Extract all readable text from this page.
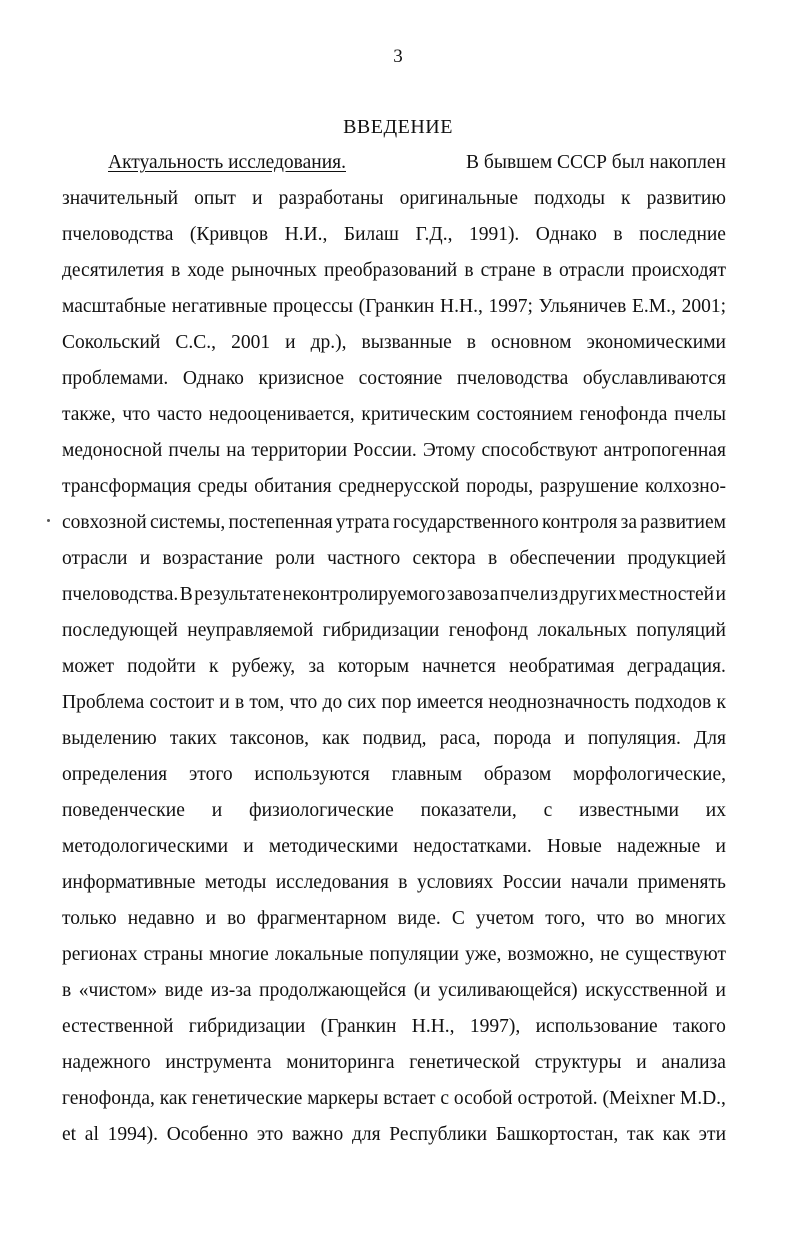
3
ВВЕДЕНИЕ
Актуальность исследования.	В бывшем СССР был накоплен
значительный опыт и разработаны оригинальные подходы к развитию
пчеловодства (Кривцов Н.И., Билаш Г.Д., 1991). Однако в последние
десятилетия в ходе рыночных преобразований в стране в отрасли происходят
масштабные негативные процессы (Гранкин Н.Н., 1997; Ульяничев Е.М., 2001;
Сокольский С.С., 2001 и др.), вызванные в основном экономическими
проблемами. Однако кризисное состояние пчеловодства обуславливаются
также, что часто недооценивается, критическим состоянием генофонда пчелы
медоносной пчелы на территории России. Этому способствуют антропогенная
трансформация среды обитания среднерусской породы, разрушение колхозно-
совхозной системы, постепенная утрата государственного контроля за развитием
отрасли и возрастание роли частного сектора в обеспечении продукцией
пчеловодства. В результате неконтролируемого завоза пчел из других местностей и
последующей неуправляемой гибридизации генофонд локальных популяций
может подойти к рубежу, за которым начнется необратимая деградация.
Проблема состоит и в том, что до сих пор имеется неоднозначность подходов к
выделению таких таксонов, как подвид, раса, порода и популяция. Для
определения этого используются главным образом морфологические,
поведенческие и физиологические показатели, с известными их
методологическими и методическими недостатками. Новые надежные и
информативные методы исследования в условиях России начали применять
только недавно и во фрагментарном виде. С учетом того, что во многих
регионах страны многие локальные популяции уже, возможно, не существуют
в «чистом» виде из-за продолжающейся (и усиливающейся) искусственной и
естественной гибридизации (Гранкин Н.Н., 1997), использование такого
надежного инструмента мониторинга генетической структуры и анализа
генофонда, как генетические маркеры встает с особой остротой. (Meixner M.D.,
et al 1994). Особенно это важно для Республики Башкортостан, так как эти
